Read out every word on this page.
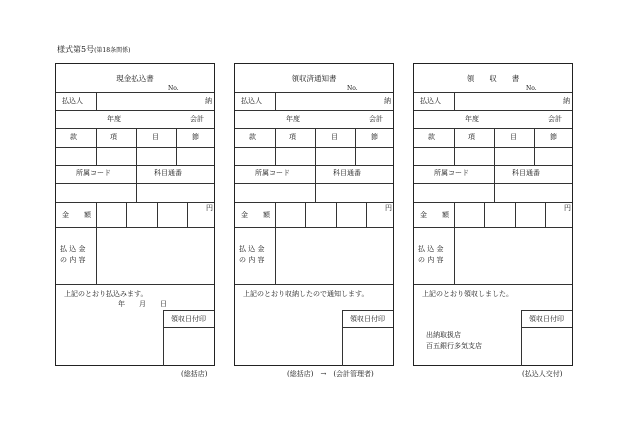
様式第5号(第18条関係)
現金払込書
No.
払込人	納
年度	会計
款	項	目	節
所属コード	科目通番
金 額
円
払 込 金
の 内 容
上記のとおり払込みます。
年　　月　　日
領収日付印
(総括店)
領収済通知書
No.
払込人	納
年度	会計
款	項	目	節
所属コード	科目通番
金 額
円
払 込 金
の 内 容
上記のとおり収納したので通知します。
領収日付印
(総括店)　→　(会計管理者)
領　　収　　書
No.
払込人	納
年度	会計
款	項	目	節
所属コード	科目通番
金 額
円
払 込 金
の 内 容
上記のとおり領収しました。
出納取扱店
百五銀行多気支店
領収日付印
(払込人交付)
